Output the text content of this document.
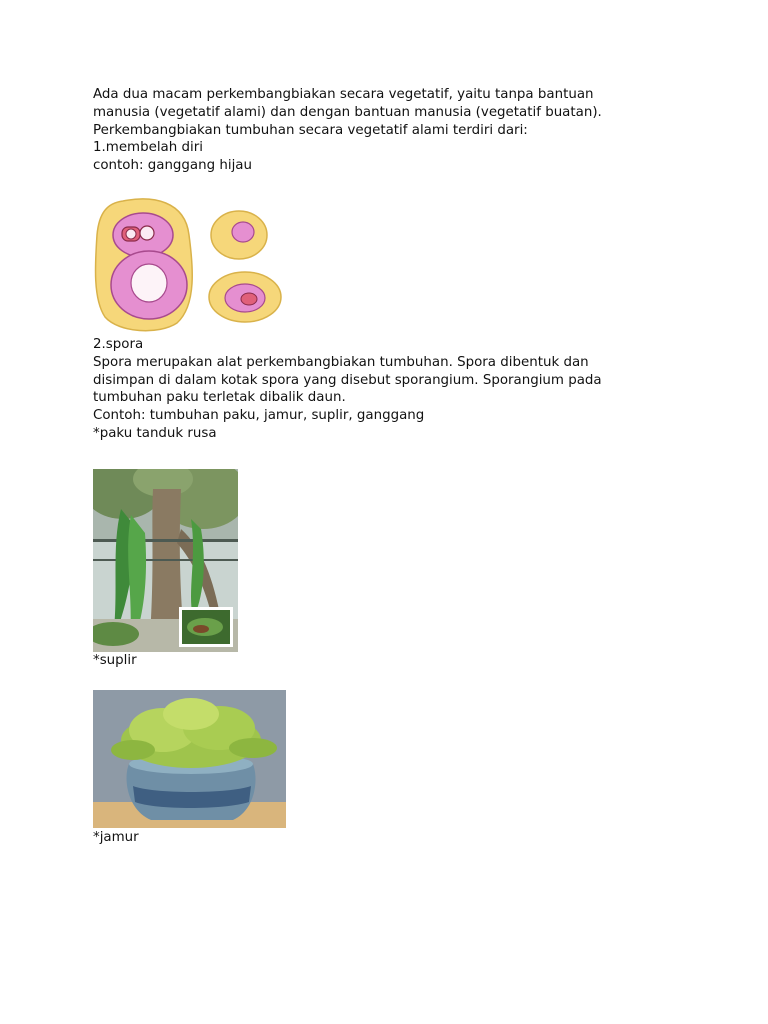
Ada dua macam perkembangbiakan secara vegetatif, yaitu tanpa bantuan

manusia (vegetatif alami) dan dengan bantuan manusia (vegetatif buatan).

Perkembangbiakan tumbuhan secara vegetatif alami terdiri dari:

1.membelah diri

contoh: ganggang hijau

2.spora

Spora merupakan alat perkembangbiakan tumbuhan. Spora dibentuk dan

disimpan di dalam kotak spora yang disebut sporangium. Sporangium pada

tumbuhan paku terletak dibalik daun.

Contoh: tumbuhan paku, jamur, suplir, ganggang

*paku tanduk rusa

*suplir

*jamur
